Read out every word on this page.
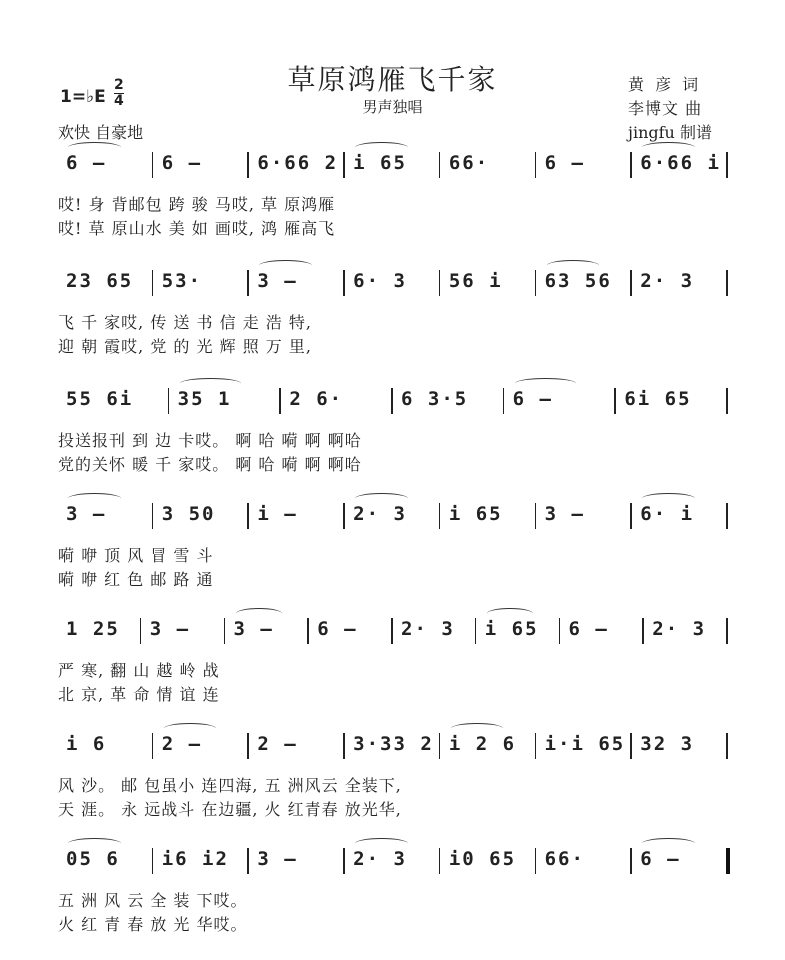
草原鸿雁飞千家
男声独唱
1=♭E
2
4
欢快 自豪地
黄 彦 词
李博文 曲
jingfu 制谱
6 –	6 –	6·66 2 i 65 66·	6 –	6·66 i
哎! 身 背邮包 跨 骏 马哎, 草 原鸿雁
哎! 草 原山水 美 如 画哎, 鸿 雁高飞
23 65 53·	3 –	6· 3 56 i 63 56 2· 3
飞 千 家哎, 传 送 书 信 走 浩 特,
迎 朝 霞哎, 党 的 光 辉 照 万 里,
55 6i 35 1	2 6·	6 3·5 6 –	6i 65
投送报刊 到 边 卡哎。 啊 哈 嗬 啊 啊哈
党的关怀 暖 千 家哎。 啊 哈 嗬 啊 啊哈
3 –	3 50 i –	2· 3 i 65 3 –	6· i
嗬 咿 顶 风 冒 雪 斗
嗬 咿 红 色 邮 路 通
1 25 3 – 3 – 6 – 2· 3 i 65 6 – 2· 3
严 寒, 翻 山 越 岭 战
北 京, 革 命 情 谊 连
i 6	2 –	2 –	3·33 2 i 2 6 i·i 65 32 3
风 沙。 邮 包虽小 连四海, 五 洲风云 全装下,
天 涯。 永 远战斗 在边疆, 火 红青春 放光华,
05 6 i6 i2 3 –	2· 3 i0 65 66·	6 –
五 洲 风 云 全 装 下哎。
火 红 青 春 放 光 华哎。
